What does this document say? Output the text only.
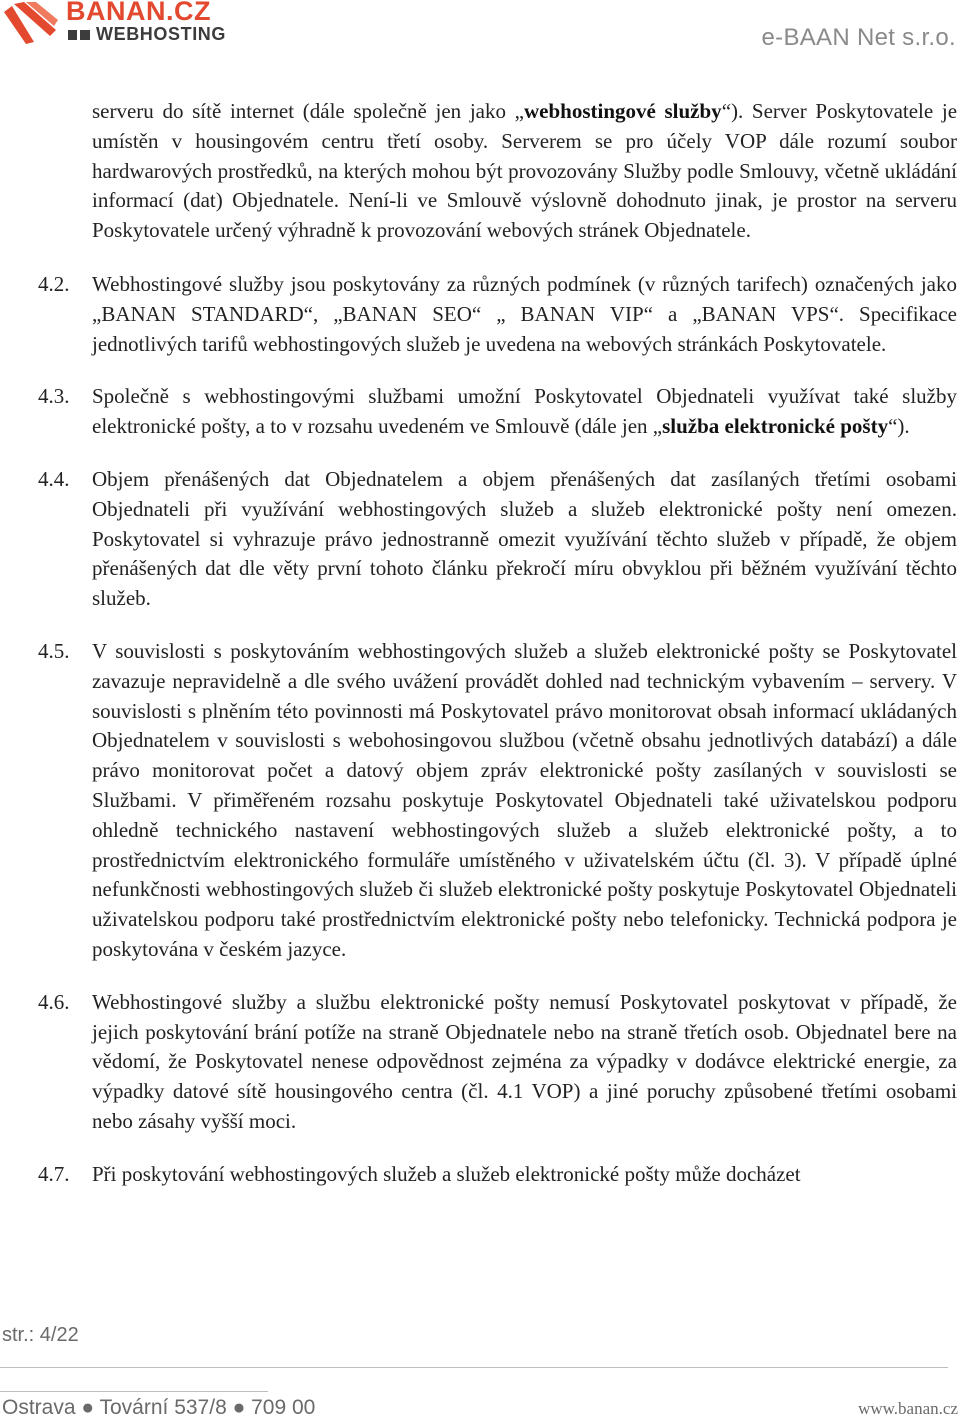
BANAN.CZ
WEBHOSTING	e-BAAN Net s.r.o.
serveru do sítě internet (dále společně jen jako „webhostingové služby“). Server Poskytovatele je umístěn v housingovém centru třetí osoby. Serverem se pro účely VOP dále rozumí soubor hardwarových prostředků, na kterých mohou být provozovány Služby podle Smlouvy, včetně ukládání informací (dat) Objednatele. Není-li ve Smlouvě výslovně dohodnuto jinak, je prostor na serveru Poskytovatele určený výhradně k provozování webových stránek Objednatele.
4.2. Webhostingové služby jsou poskytovány za různých podmínek (v různých tarifech) označených jako „BANAN STANDARD“, „BANAN SEO“ „ BANAN VIP“ a „BANAN VPS“. Specifikace jednotlivých tarifů webhostingových služeb je uvedena na webových stránkách Poskytovatele.
4.3. Společně s webhostingovými službami umožní Poskytovatel Objednateli využívat také služby elektronické pošty, a to v rozsahu uvedeném ve Smlouvě (dále jen „služba elektronické pošty“).
4.4. Objem přenášených dat Objednatelem a objem přenášených dat zasílaných třetími osobami Objednateli při využívání webhostingových služeb a služeb elektronické pošty není omezen. Poskytovatel si vyhrazuje právo jednostranně omezit využívání těchto služeb v případě, že objem přenášených dat dle věty první tohoto článku překročí míru obvyklou při běžném využívání těchto služeb.
4.5. V souvislosti s poskytováním webhostingových služeb a služeb elektronické pošty se Poskytovatel zavazuje nepravidelně a dle svého uvážení provádět dohled nad technickým vybavením – servery. V souvislosti s plněním této povinnosti má Poskytovatel právo monitorovat obsah informací ukládaných Objednatelem v souvislosti s webohosingovou službou (včetně obsahu jednotlivých databází) a dále právo monitorovat počet a datový objem zpráv elektronické pošty zasílaných v souvislosti se Službami. V přiměřeném rozsahu poskytuje Poskytovatel Objednateli také uživatelskou podporu ohledně technického nastavení webhostingových služeb a služeb elektronické pošty, a to prostřednictvím elektronického formuláře umístěného v uživatelském účtu (čl. 3). V případě úplné nefunkčnosti webhostingových služeb či služeb elektronické pošty poskytuje Poskytovatel Objednateli uživatelskou podporu také prostřednictvím elektronické pošty nebo telefonicky. Technická podpora je poskytována v českém jazyce.
4.6. Webhostingové služby a službu elektronické pošty nemusí Poskytovatel poskytovat v případě, že jejich poskytování brání potíže na straně Objednatele nebo na straně třetích osob. Objednatel bere na vědomí, že Poskytovatel nenese odpovědnost zejména za výpadky v dodávce elektrické energie, za výpadky datové sítě housingového centra (čl. 4.1 VOP) a jiné poruchy způsobené třetími osobami nebo zásahy vyšší moci.
4.7. Při poskytování webhostingových služeb a služeb elektronické pošty může docházet
str.: 4/22
Ostrava ● Tovární 537/8 ● 709 00	www.banan.cz
